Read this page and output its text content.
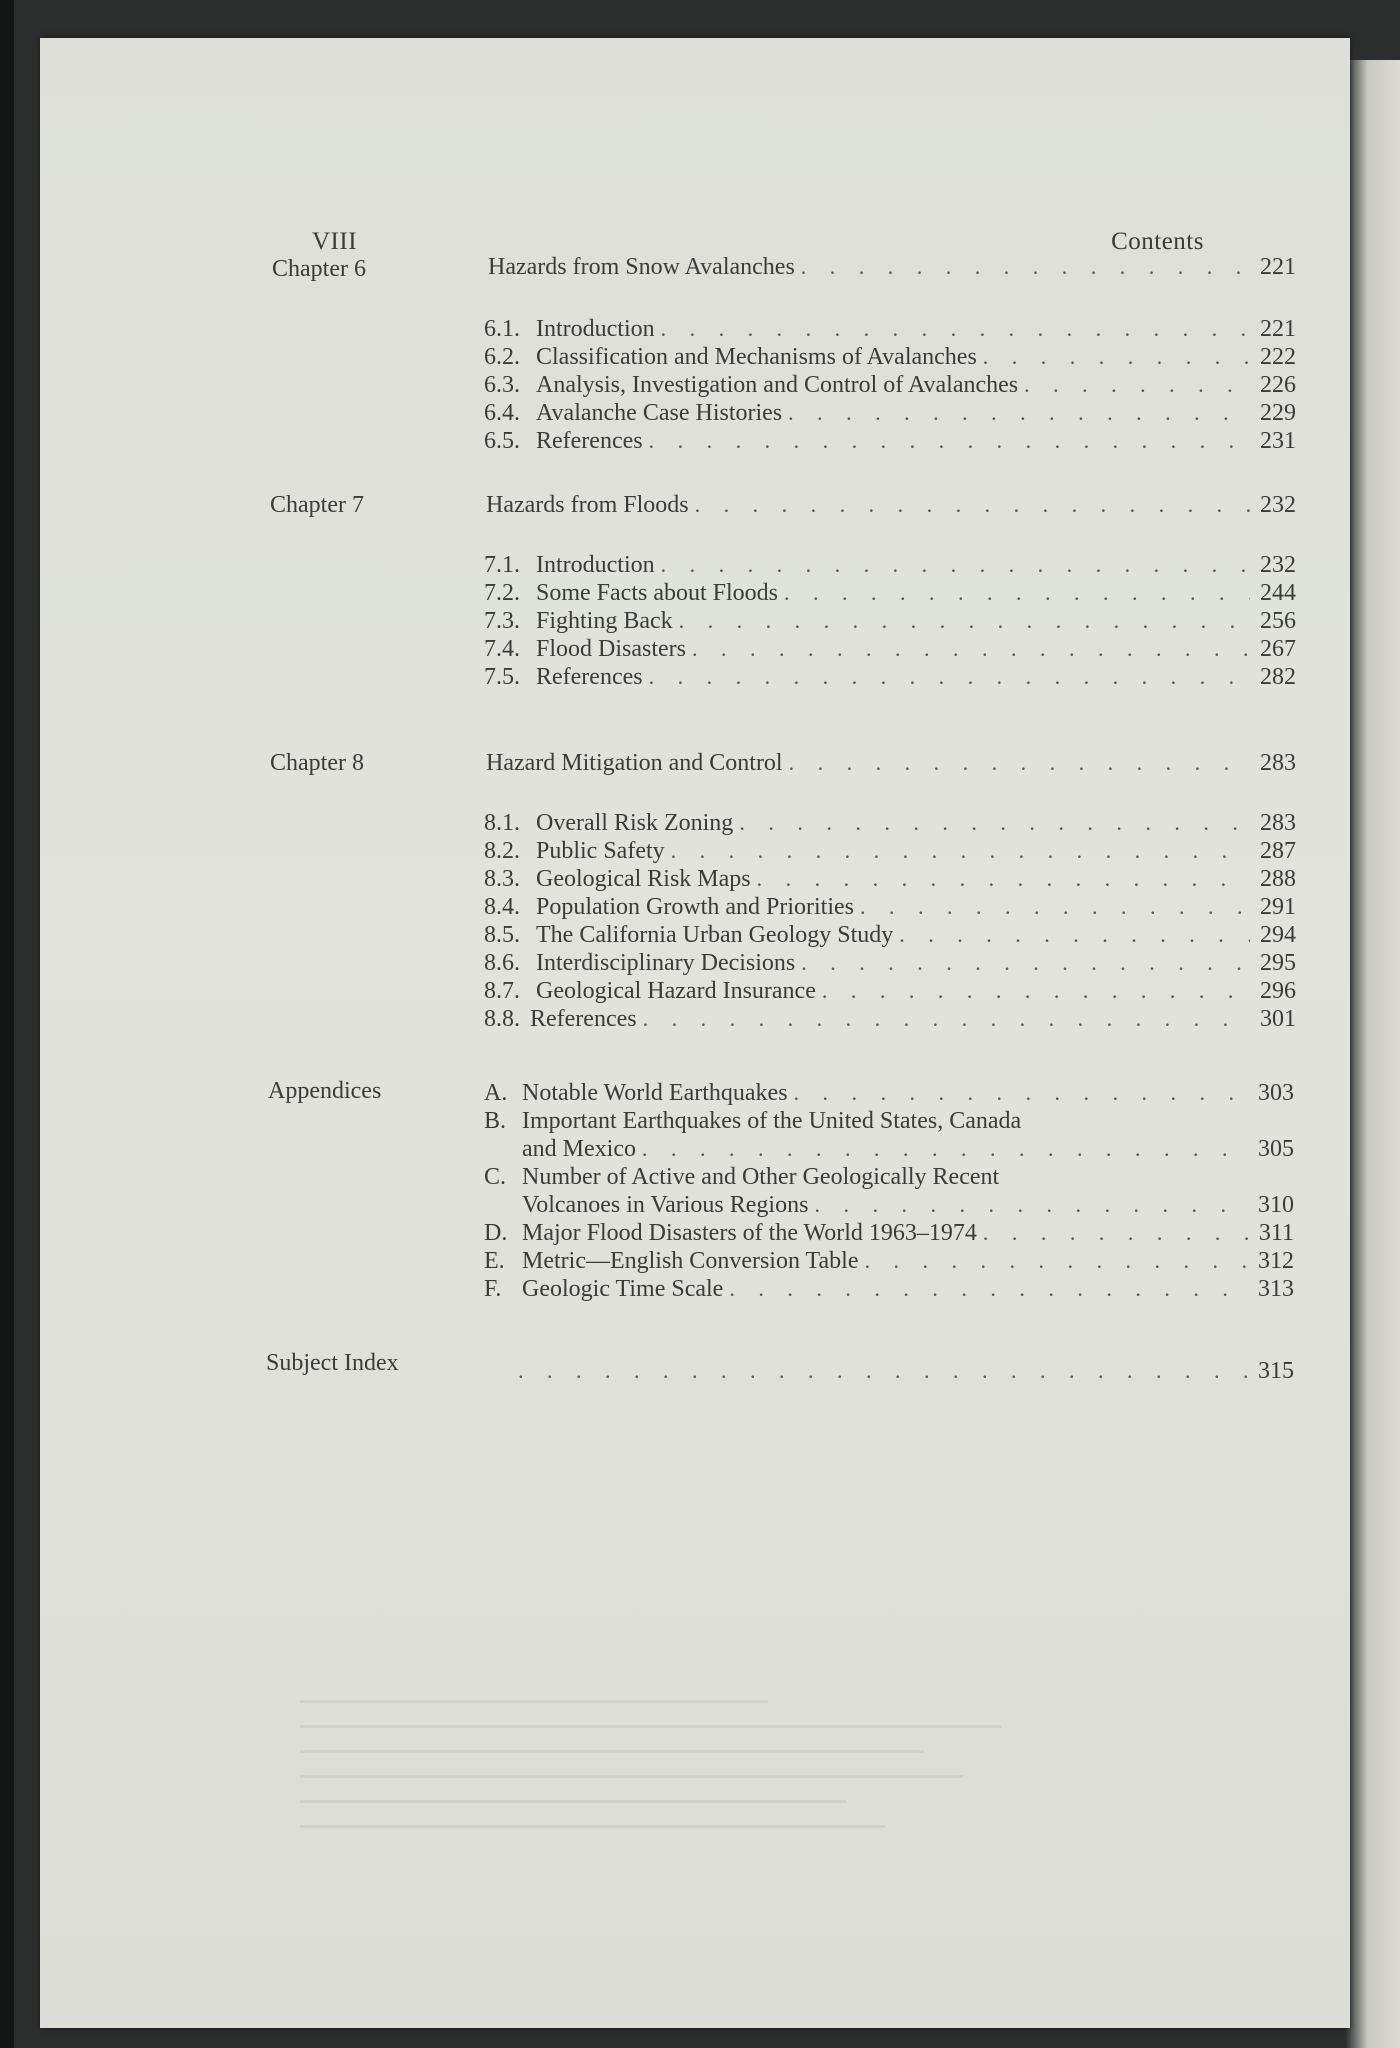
VIII	Contents
Chapter 6	Hazards from Snow Avalanches . . .	221
6.1. Introduction . . .	221
6.2. Classification and Mechanisms of Avalanches . . .	222
6.3. Analysis, Investigation and Control of Avalanches . . .	226
6.4. Avalanche Case Histories . . .	229
6.5. References . . .	231
Chapter 7	Hazards from Floods . . .	232
7.1. Introduction . . .	232
7.2. Some Facts about Floods . . .	244
7.3. Fighting Back . . .	256
7.4. Flood Disasters . . .	267
7.5. References . . .	282
Chapter 8	Hazard Mitigation and Control . . .	283
8.1. Overall Risk Zoning . . .	283
8.2. Public Safety . . .	287
8.3. Geological Risk Maps . . .	288
8.4. Population Growth and Priorities . . .	291
8.5. The California Urban Geology Study . . .	294
8.6. Interdisciplinary Decisions . . .	295
8.7. Geological Hazard Insurance . . .	296
8.8. References . . .	301
Appendices	A. Notable World Earthquakes . . .	303
B. Important Earthquakes of the United States, Canada
and Mexico . . .	305
C. Number of Active and Other Geologically Recent
Volcanoes in Various Regions . . .	310
D. Major Flood Disasters of the World 1963–1974 . . .	311
E. Metric—English Conversion Table . . .	312
F. Geologic Time Scale . . .	313
Subject Index . . .	315
